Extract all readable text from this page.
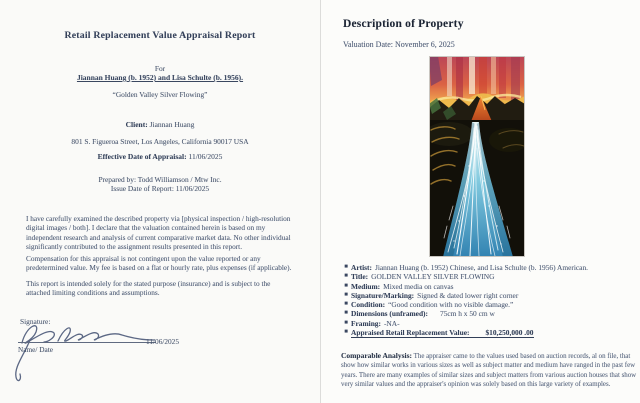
Retail Replacement Value Appraisal Report
For
Jiannan Huang (b. 1952) and Lisa Schulte (b. 1956).
“Golden Valley Silver Flowing”
Client: Jiannan Huang
801 S. Figueroa Street, Los Angeles, California 90017 USA
Effective Date of Appraisal: 11/06/2025
Prepared by: Todd Williamson / Mtw Inc.
Issue Date of Report: 11/06/2025
I have carefully examined the described property via [physical inspection / high-resolution digital images / both]. I declare that the valuation contained herein is based on my independent research and analysis of current comparative market data. No other individual significantly contributed to the assignment results presented in this report.
Compensation for this appraisal is not contingent upon the value reported or any predetermined value. My fee is based on a flat or hourly rate, plus expenses (if applicable).
This report is intended solely for the stated purpose (insurance) and is subject to the attached limiting conditions and assumptions.
Signature:
11/06/2025
Name/ Date
Description of Property
Valuation Date: November 6, 2025
■ Artist: Jiannan Huang (b. 1952) Chinese, and Lisa Schulte (b. 1956) American.
■ Title: GOLDEN VALLEY SILVER FLOWING
■ Medium: Mixed media on canvas
■ Signature/Marking: Signed & dated lower right corner
■ Condition: “Good condition with no visible damage.”
■ Dimensions (unframed): 75cm h x 50 cm w
■ Framing: -NA-
■ Appraised Retail Replacement Value: $10,250,000 .00
Comparable Analysis: The appraiser came to the values used based on auction records, al on file, that show how similar works in various sizes as well as subject matter and medium have ranged in the past few years. There are many examples of similar sizes and subject matters from various auction houses that show very similar values and the appraiser's opinion was solely based on this large variety of examples.
